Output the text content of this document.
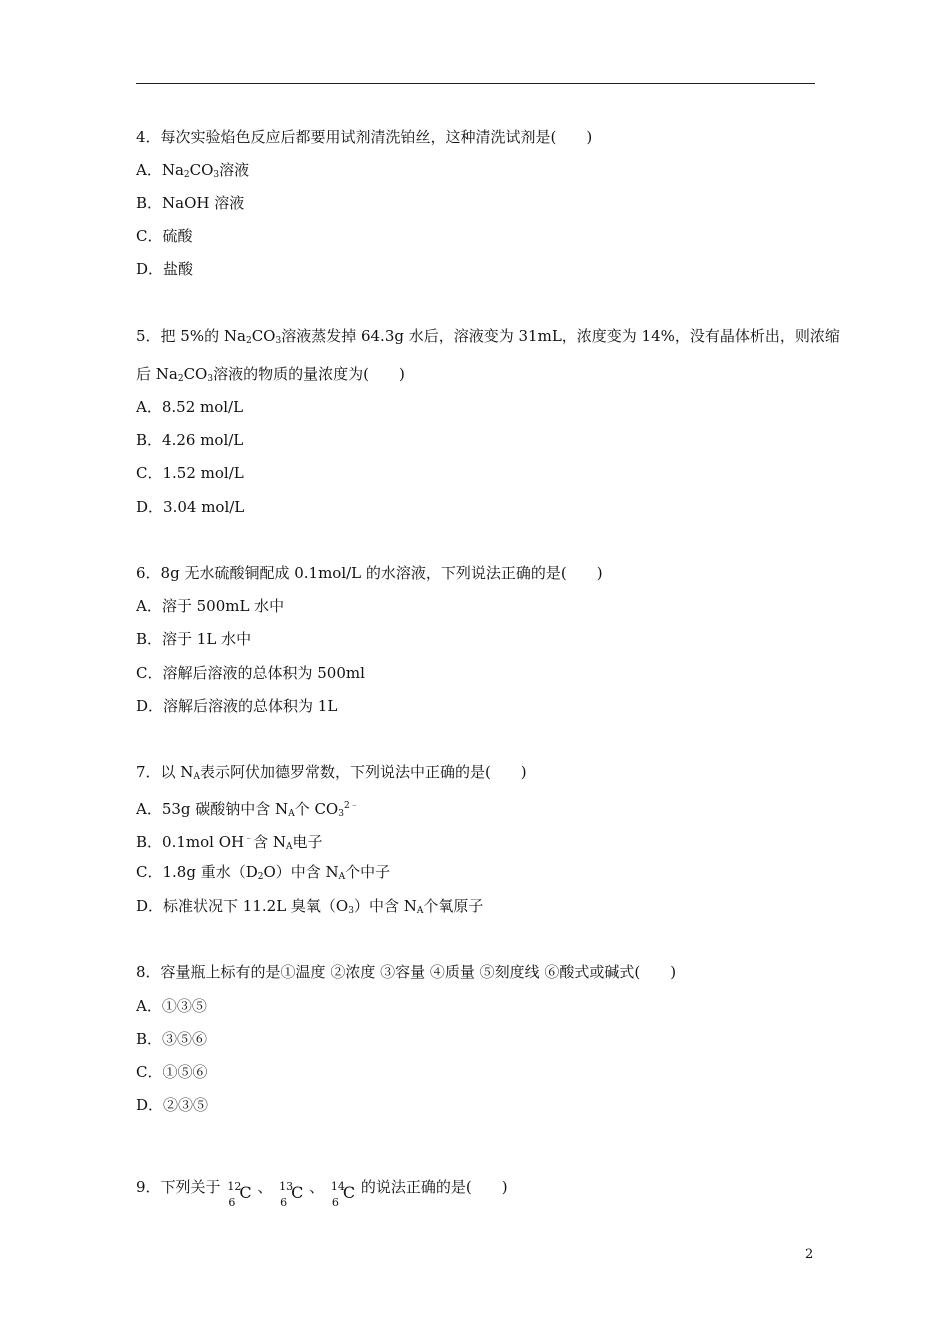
4．每次实验焰色反应后都要用试剂清洗铂丝，这种清洗试剂是(　　)
A．$Na_2CO_3$溶液
B．NaOH 溶液
C．硫酸
D．盐酸
5．把 5%的 $Na_2CO_3$溶液蒸发掉 64.3g 水后，溶液变为 31mL，浓度变为 14%，没有晶体析出，则浓缩
后 $Na_2CO_3$溶液的物质的量浓度为(　　)
A．8.52 mol/L
B．4.26 mol/L
C．1.52 mol/L
D．3.04 mol/L
6．8g 无水硫酸铜配成 0.1mol/L 的水溶液，下列说法正确的是(　　)
A．溶于 500mL 水中
B．溶于 1L 水中
C．溶解后溶液的总体积为 500ml
D．溶解后溶液的总体积为 1L
7．以 $N_A$表示阿伏加德罗常数，下列说法中正确的是(　　)
A．53g 碳酸钠中含 $N_A$个 $CO_3^{2﹣}$
B．0.1mol OH﹣含 $N_A$电子
C．1.8g 重水$(D_2O)$中含 $N_A$个中子
D．标准状况下 11.2L 臭氧$(O_3)$中含 $N_A$个氧原子
8．容量瓶上标有的是①温度 ②浓度 ③容量 ④质量 ⑤刻度线 ⑥酸式或碱式(　　)
A．①③⑤
B．③⑤⑥
C．①⑤⑥
D．②③⑤
9．下列关于 12
6
C 、 13
6
C 、 14
6
C 的说法正确的是(　　)
2
